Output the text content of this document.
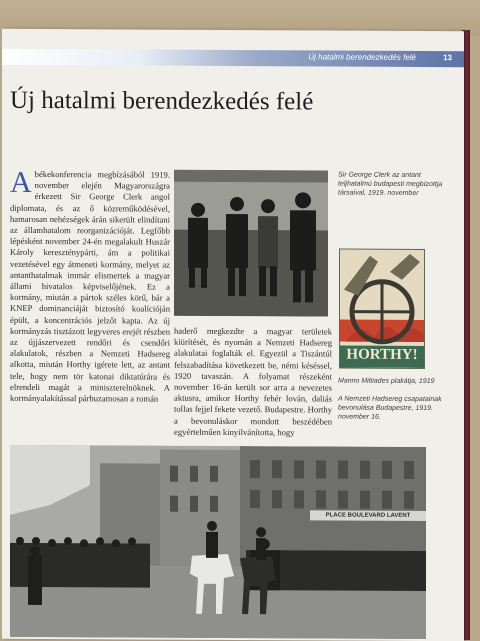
Új hatalmi berendezkedés felé	13
Új hatalmi berendezkedés felé
Abékekonferencia megbízásából 1919. november elején Magyarországra érkezett Sir George Clerk angol diplomata, és az ő közreműködésével, hamarosan nehézségek árán sikerült elindítani az államhatalom reorganizációját. Legfőbb lépésként november 24-én megalakult Huszár Károly kereszténypárti, ám a politikai vezetésével egy átmeneti kormány, melyet az antanthatalmak immár elismertek a magyar állami hivatalos képviselőjének. Ez a kormány, miután a pártok széles körű, bár a KNEP dominanciáját biztosító koalícióján épült, a koncentrációs jelzőt kapta. Az új kormányzás tisztázott legyveres erejét részben az újjászervezett rendőri és csendőri alakulatok, részben a Nemzeti Hadsereg alkotta, miután Horthy igérete lett, az antant tele, hogy nem tör katonai diktatúrára és elrendeli magát a miniszterelnöknek. A kormányalakítással párhuzamosan a román
Sir George Clerk az antant teljhatalmú budapesti megbízottja társaival, 1919. november
HORTHY!
Manno Miltiades plakátja, 1919

A Nemzeti Hadsereg csapatainak bevonulása Budapestre, 1919. november 16.
haderő megkezdte a magyar területek kiürítését, és nyomán a Nemzeti Hadsereg alakulatai foglalták el. Egyezül a Tiszántúl felszabadítása következett be, némi késéssel, 1920 tavaszán. A folyamat részeként november 16-án került sor arra a nevezetes aktusra, amikor Horthy fehér lován, daliás tollas fejjel fekete vezető. Budapestre. Horthy a bevonuláskor mondott beszédében egyértelműen kinyilvánította, hogy
PLACE BOULEVARD LAVENT
